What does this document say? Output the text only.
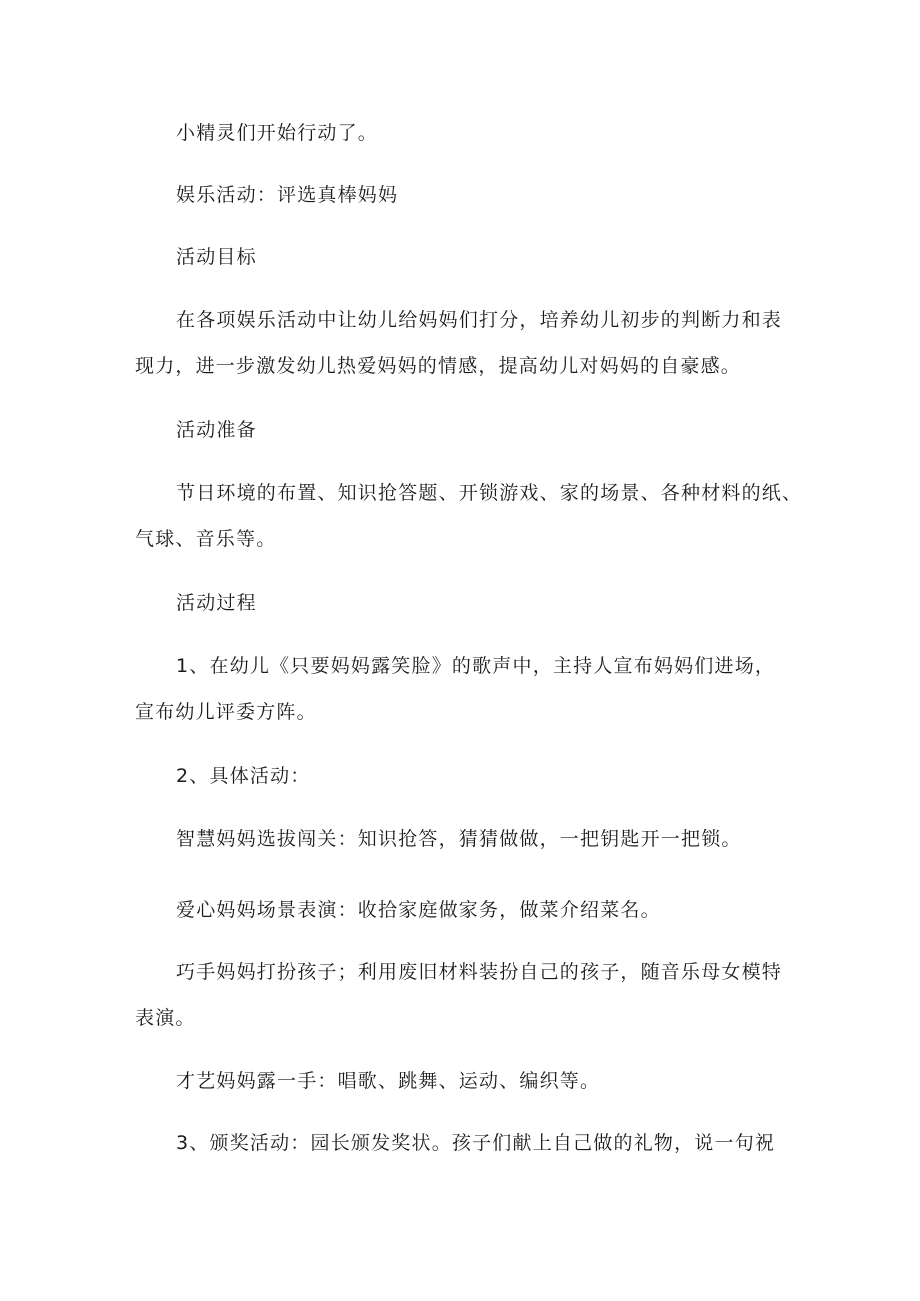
小精灵们开始行动了。
娱乐活动：评选真棒妈妈
活动目标
在各项娱乐活动中让幼儿给妈妈们打分，培养幼儿初步的判断力和表
现力，进一步激发幼儿热爱妈妈的情感，提高幼儿对妈妈的自豪感。
活动准备
节日环境的布置、知识抢答题、开锁游戏、家的场景、各种材料的纸、
气球、音乐等。
活动过程
1、在幼儿《只要妈妈露笑脸》的歌声中，主持人宣布妈妈们进场，
宣布幼儿评委方阵。
2、具体活动：
智慧妈妈选拔闯关：知识抢答，猜猜做做，一把钥匙开一把锁。
爱心妈妈场景表演：收拾家庭做家务，做菜介绍菜名。
巧手妈妈打扮孩子；利用废旧材料装扮自己的孩子，随音乐母女模特
表演。
才艺妈妈露一手：唱歌、跳舞、运动、编织等。
3、颁奖活动：园长颁发奖状。孩子们献上自己做的礼物，说一句祝
